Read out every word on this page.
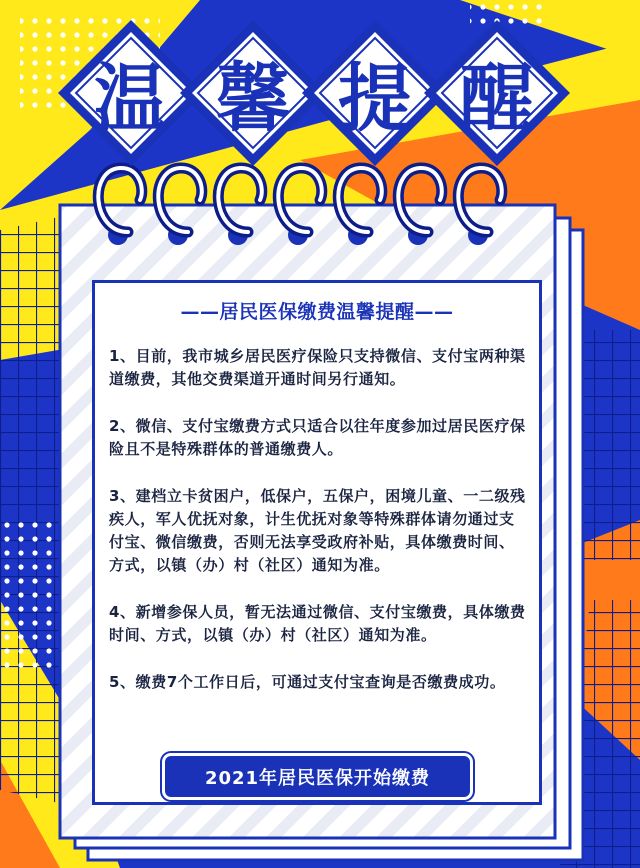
温 馨 提 醒
——居民医保缴费温馨提醒——
1、目前，我市城乡居民医疗保险只支持微信、支付宝两种渠道缴费，其他交费渠道开通时间另行通知。
2、微信、支付宝缴费方式只适合以往年度参加过居民医疗保险且不是特殊群体的普通缴费人。
3、建档立卡贫困户，低保户，五保户，困境儿童、一二级残疾人，军人优抚对象，计生优抚对象等特殊群体请勿通过支付宝、微信缴费，否则无法享受政府补贴，具体缴费时间、方式，以镇（办）村（社区）通知为准。
4、新增参保人员，暂无法通过微信、支付宝缴费，具体缴费时间、方式，以镇（办）村（社区）通知为准。
5、缴费7个工作日后，可通过支付宝查询是否缴费成功。
2021年居民医保开始缴费
